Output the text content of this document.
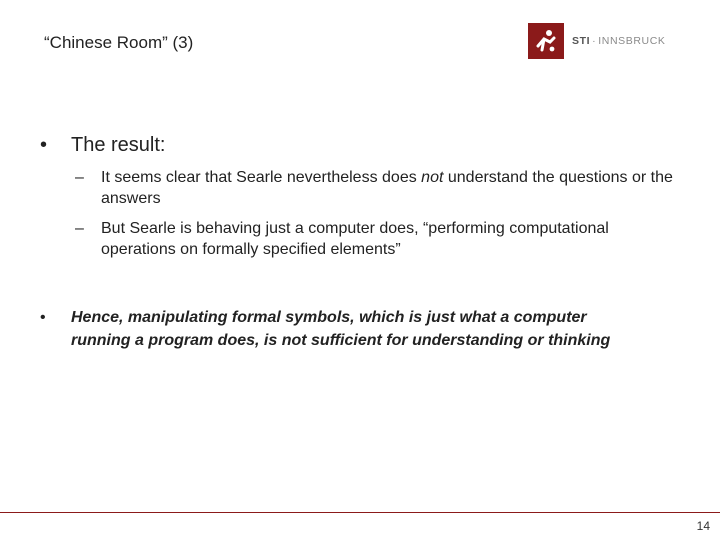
“Chinese Room” (3)	STI · INNSBRUCK
•	The result:
–	It seems clear that Searle nevertheless does not understand the questions or the answers
–	But Searle is behaving just a computer does, “performing computational operations on formally specified elements”
•	Hence, manipulating formal symbols, which is just what a computer running a program does, is not sufficient for understanding or thinking
14
